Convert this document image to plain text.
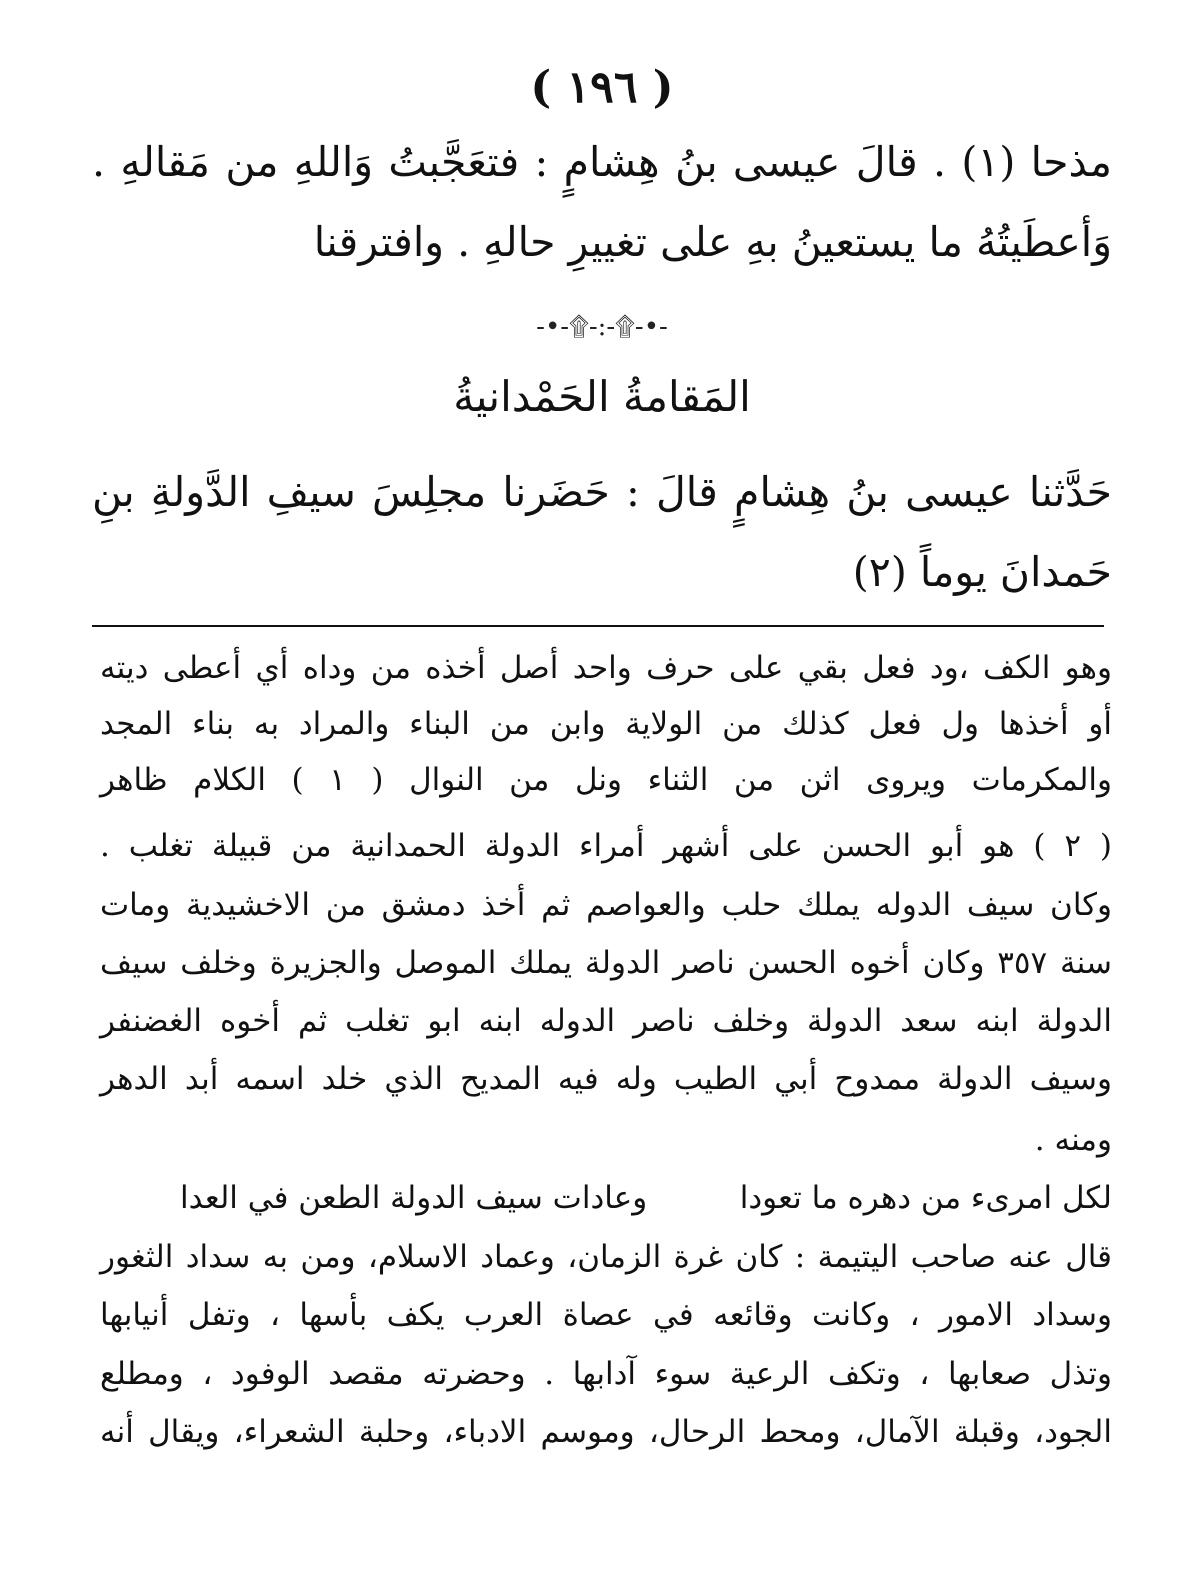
( ١٩٦ )
مذحا (١) . قالَ عيسى بنُ هِشامٍ : فتعَجَّبتُ وَاللهِ من مَقالهِ .
وَأعطَيتُهُ ما يستعينُ بهِ على تغييرِ حالهِ . وافترقنا
-•-۩-:-۩-•-
المَقامةُ الحَمْدانيةُ
حَدَّثنا عيسى بنُ هِشامٍ قالَ : حَضَرنا مجلِسَ سيفِ الدَّولةِ بنِ
حَمدانَ يوماً (٢)
وهو الكف ،ود فعل بقي على حرف واحد أصل أخذه من وداه أي أعطى ديته
أو أخذها ول فعل كذلك من الولاية وابن من البناء والمراد به بناء المجد
والمكرمات ويروى اثن من الثناء ونل من النوال ( ١ ) الكلام ظاهر
( ٢ ) هو أبو الحسن على أشهر أمراء الدولة الحمدانية من قبيلة تغلب .
وكان سيف الدوله يملك حلب والعواصم ثم أخذ دمشق من الاخشيدية ومات
سنة ٣٥٧ وكان أخوه الحسن ناصر الدولة يملك الموصل والجزيرة وخلف سيف
الدولة ابنه سعد الدولة وخلف ناصر الدوله ابنه ابو تغلب ثم أخوه الغضنفر
وسيف الدولة ممدوح أبي الطيب وله فيه المديح الذي خلد اسمه أبد الدهر
ومنه .
لكل امرىء من دهره ما تعودا
وعادات سيف الدولة الطعن في العدا
قال عنه صاحب اليتيمة : كان غرة الزمان، وعماد الاسلام، ومن به سداد الثغور
وسداد الامور ، وكانت وقائعه في عصاة العرب يكف بأسها ، وتفل أنيابها
وتذل صعابها ، وتكف الرعية سوء آدابها . وحضرته مقصد الوفود ، ومطلع
الجود، وقبلة الآمال، ومحط الرحال، وموسم الادباء، وحلبة الشعراء، ويقال أنه
